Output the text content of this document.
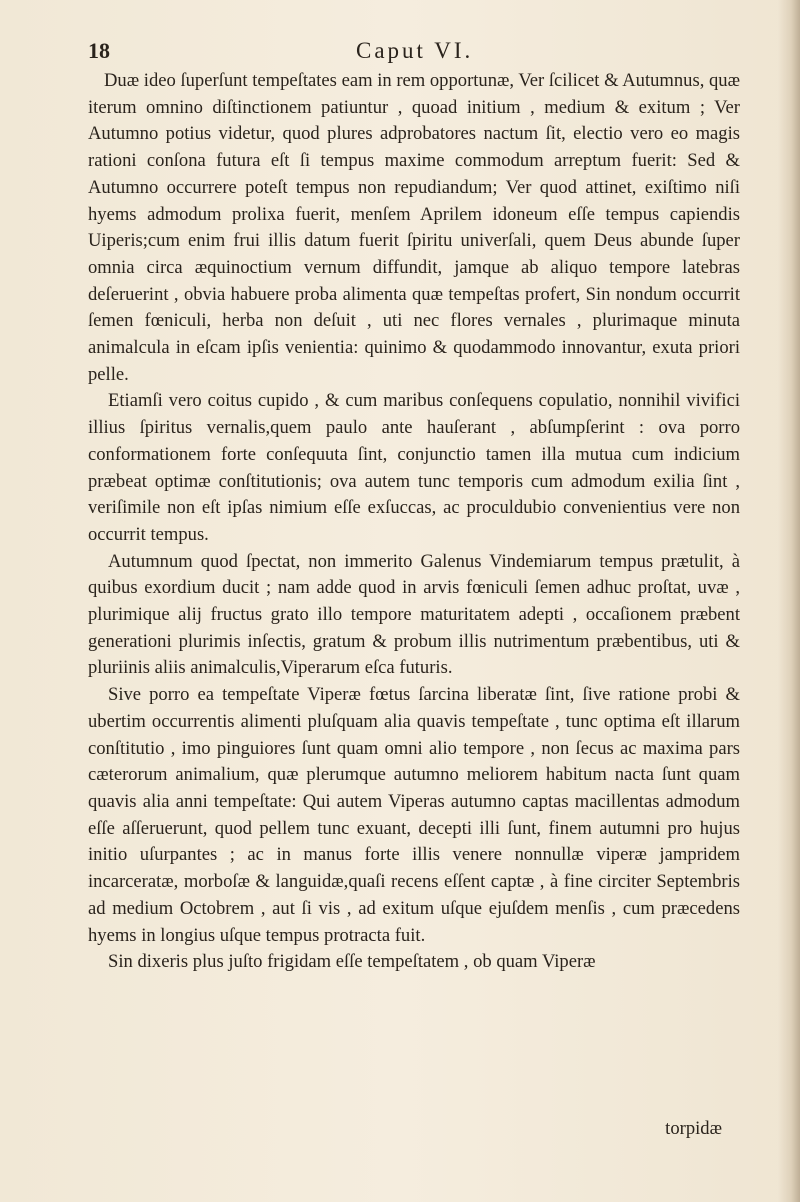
18	Caput VI.

Duæ ideo ſuperſunt tempeſtates eam in rem opportunæ, Ver ſcilicet & Autumnus, quæ iterum omnino diſtinctionem patiuntur , quoad initium , medium & exitum ; Ver Autumno potius videtur, quod plures adprobatores nactum ſit, electio vero eo magis rationi conſona futura eſt ſi tempus maxime commodum arreptum fuerit: Sed & Autumno occurrere poteſt tempus non repudiandum; Ver quod attinet, exiſtimo niſi hyems admodum prolixa fuerit, menſem Aprilem idoneum eſſe tempus capiendis Uiperis;cum enim frui illis datum fuerit ſpiritu univerſali, quem Deus abunde ſuper omnia circa æquinoctium vernum diffundit, jamque ab aliquo tempore latebras deſeruerint , obvia habuere proba alimenta quæ tempeſtas profert, Sin nondum occurrit ſemen fœniculi, herba non deſuit , uti nec flores vernales , plurimaque minuta animalcula in eſcam ipſis venientia: quinimo & quodammodo innovantur, exuta priori pelle.

Etiamſi vero coitus cupido , & cum maribus conſequens copulatio, nonnihil vivifici illius ſpiritus vernalis,quem paulo ante hauſerant , abſumpſerint : ova porro conformationem forte conſequuta ſint, conjunctio tamen illa mutua cum indicium præbeat optimæ conſtitutionis; ova autem tunc temporis cum admodum exilia ſint , veriſimile non eſt ipſas nimium eſſe exſuccas, ac proculdubio convenientius vere non occurrit tempus.

Autumnum quod ſpectat, non immerito Galenus Vindemiarum tempus prætulit, à quibus exordium ducit ; nam adde quod in arvis fœniculi ſemen adhuc proſtat, uvæ , plurimique alij fructus grato illo tempore maturitatem adepti , occaſionem præbent generationi plurimis inſectis, gratum & probum illis nutrimentum præbentibus, uti & pluriinis aliis animalculis,Viperarum eſca futuris.

Sive porro ea tempeſtate Viperæ fœtus ſarcina liberatæ ſint, ſive ratione probi & ubertim occurrentis alimenti pluſquam alia quavis tempeſtate , tunc optima eſt illarum conſtitutio , imo pinguiores ſunt quam omni alio tempore , non ſecus ac maxima pars cæterorum animalium, quæ plerumque autumno meliorem habitum nacta ſunt quam quavis alia anni tempeſtate: Qui autem Viperas autumno captas macillentas admodum eſſe aſſeruerunt, quod pellem tunc exuant, decepti illi ſunt, finem autumni pro hujus initio uſurpantes ; ac in manus forte illis venere nonnullæ viperæ jampridem incarceratæ, morboſæ & languidæ,quaſi recens eſſent captæ , à fine circiter Septembris ad medium Octobrem , aut ſi vis , ad exitum uſque ejuſdem menſis , cum præcedens hyems in longius uſque tempus protracta fuit.

Sin dixeris plus juſto frigidam eſſe tempeſtatem , ob quam Viperæ

torpidæ
